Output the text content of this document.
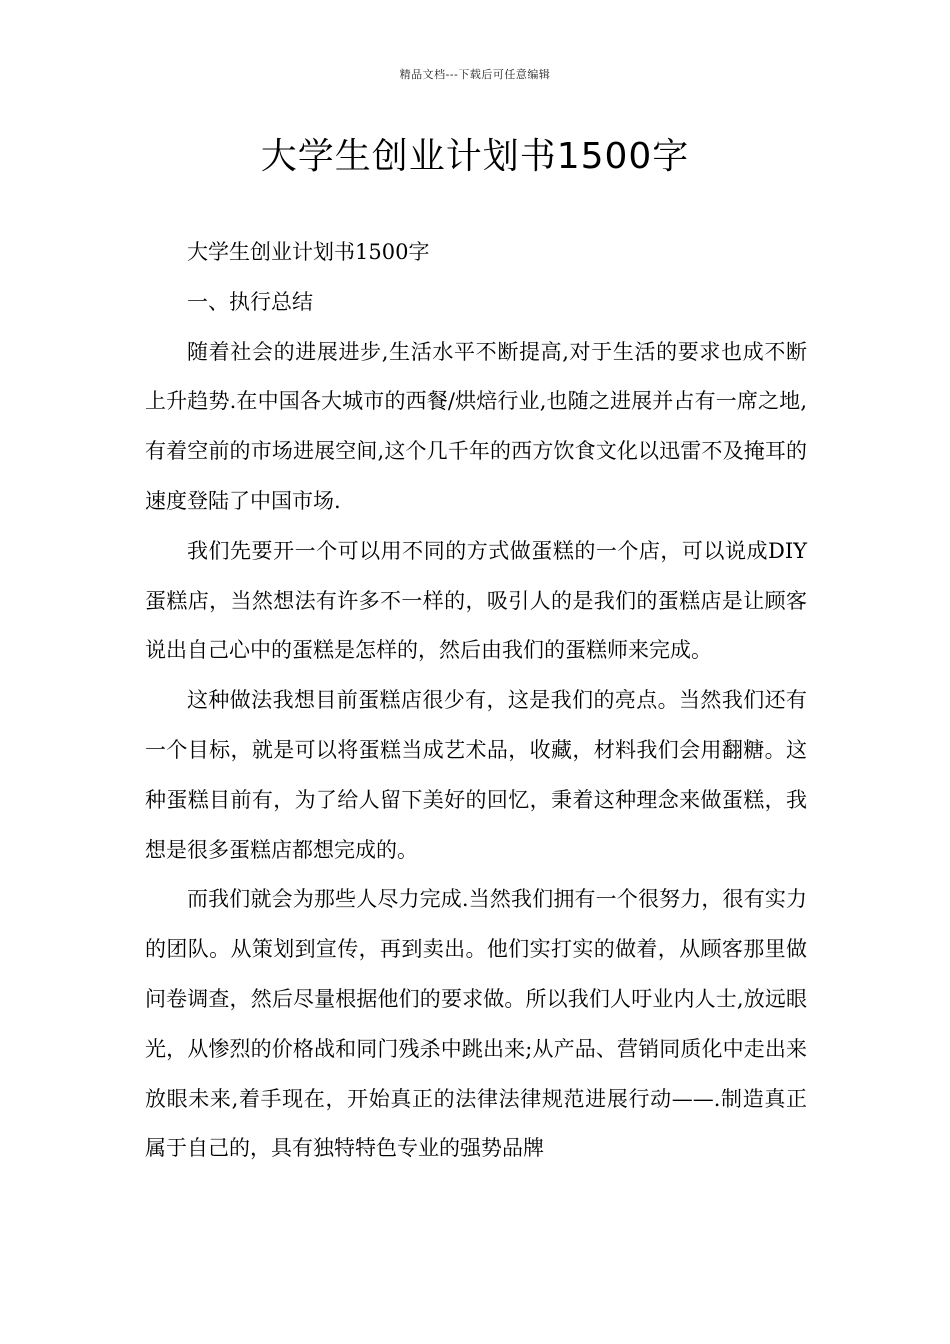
精品文档---下载后可任意编辑
大学生创业计划书1500字

大学生创业计划书1500字

一、执行总结

随着社会的进展进步,生活水平不断提高,对于生活的要求也成不断上升趋势.在中国各大城市的西餐/烘焙行业,也随之进展并占有一席之地,有着空前的市场进展空间,这个几千年的西方饮食文化以迅雷不及掩耳的速度登陆了中国市场.

我们先要开一个可以用不同的方式做蛋糕的一个店，可以说成DIY蛋糕店，当然想法有许多不一样的，吸引人的是我们的蛋糕店是让顾客说出自己心中的蛋糕是怎样的，然后由我们的蛋糕师来完成。

这种做法我想目前蛋糕店很少有，这是我们的亮点。当然我们还有一个目标，就是可以将蛋糕当成艺术品，收藏，材料我们会用翻糖。这种蛋糕目前有，为了给人留下美好的回忆，秉着这种理念来做蛋糕，我想是很多蛋糕店都想完成的。

而我们就会为那些人尽力完成.当然我们拥有一个很努力，很有实力的团队。从策划到宣传，再到卖出。他们实打实的做着，从顾客那里做问卷调查，然后尽量根据他们的要求做。所以我们人吁业内人士,放远眼光，从惨烈的价格战和同门残杀中跳出来;从产品、营销同质化中走出来放眼未来,着手现在，开始真正的法律法律规范进展行动——.制造真正属于自己的，具有独特特色专业的强势品牌
